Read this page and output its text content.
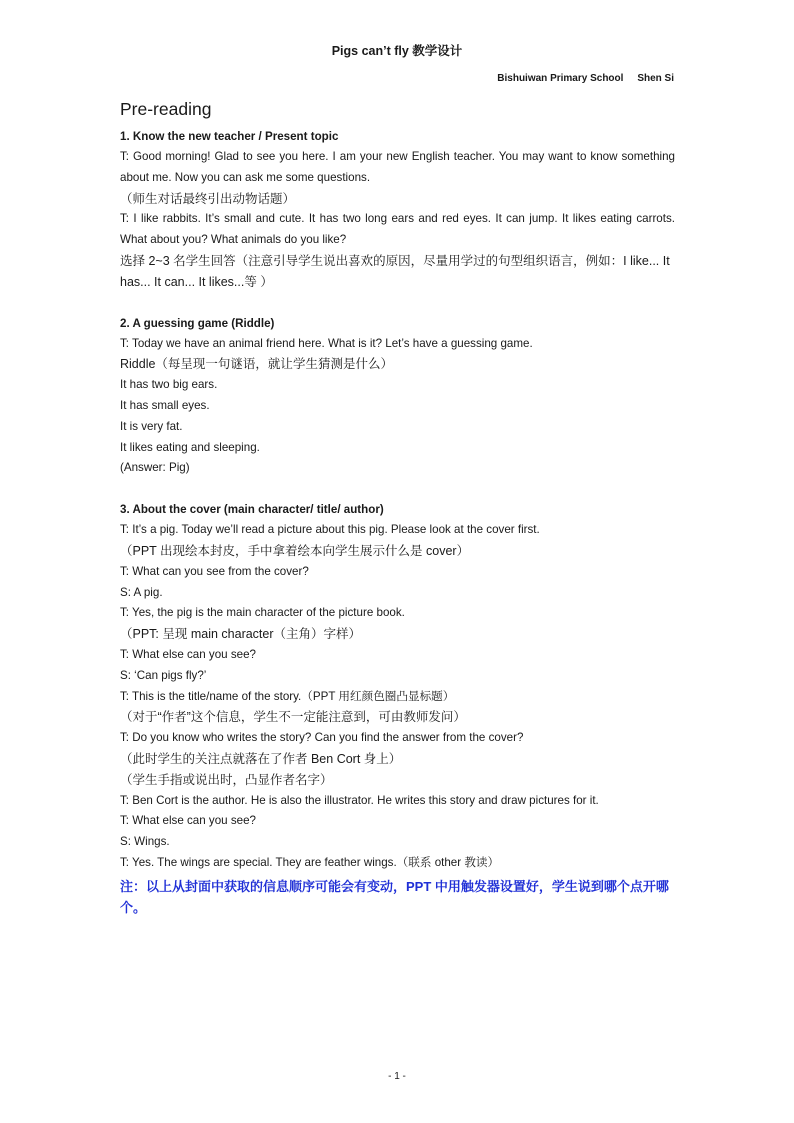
Pigs can’t fly 教学设计
Bishuiwan Primary School     Shen Si
Pre-reading
1. Know the new teacher / Present topic
T: Good morning! Glad to see you here. I am your new English teacher. You may want to know something about me. Now you can ask me some questions.
（师生对话最终引出动物话题）
T: I like rabbits. It’s small and cute. It has two long ears and red eyes. It can jump. It likes eating carrots. What about you? What animals do you like?
选择 2~3 名学生回答（注意引导学生说出喜欢的原因，尽量用学过的句型组织语言，例如：I like... It has... It can... It likes...等 ）
2. A guessing game (Riddle)
T: Today we have an animal friend here. What is it? Let’s have a guessing game.
Riddle（每呈现一句谜语，就让学生猜测是什么）
It has two big ears.
It has small eyes.
It is very fat.
It likes eating and sleeping.
(Answer: Pig)
3. About the cover (main character/ title/ author)
T: It’s a pig. Today we’ll read a picture about this pig. Please look at the cover first.
（PPT 出现绘本封皮，手中拿着绘本向学生展示什么是 cover）
T: What can you see from the cover?
S: A pig.
T: Yes, the pig is the main character of the picture book.
（PPT: 呈现 main character（主角）字样）
T: What else can you see?
S: ‘Can pigs fly?’
T: This is the title/name of the story.（PPT 用红颜色圈凸显标题）
（对于“作者”这个信息，学生不一定能注意到，可由教师发问）
T: Do you know who writes the story? Can you find the answer from the cover?
（此时学生的关注点就落在了作者 Ben Cort 身上）
（学生手指或说出时，凸显作者名字）
T: Ben Cort is the author. He is also the illustrator. He writes this story and draw pictures for it.
T: What else can you see?
S: Wings.
T: Yes. The wings are special. They are feather wings.（联系 other 教读）
注：以上从封面中获取的信息顺序可能会有变动，PPT 中用触发器设置好，学生说到哪个点开哪个。
- 1 -
